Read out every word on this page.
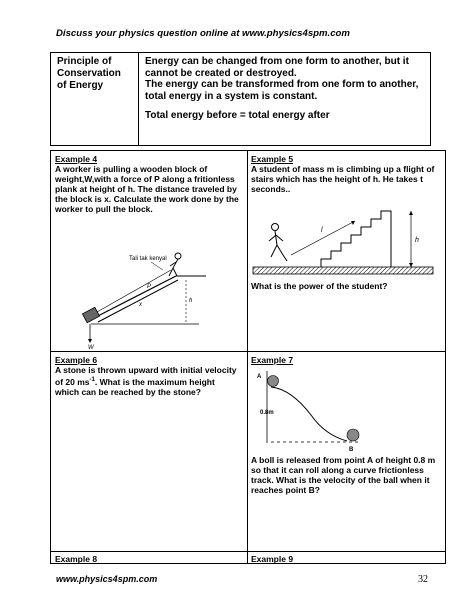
Discuss your physics question online at www.physics4spm.com
Principle of Conservation of Energy

Energy can be changed from one form to another, but it cannot be created or destroyed.

The energy can be transformed from one form to another, total energy in a system is constant.

Total energy before = total energy after

Example 4
A worker is pulling a wooden block of weight,W,with a force of P along a fritionless plank at height of h. The distance traveled by the block is x. Calculate the work done by the worker to pull the block.
Tali tak kenyal
P
x
h
W
Example 5
A student of mass m is climbing up a flight of stairs which has the height of h. He takes t seconds..
l
h
What is the power of the student?
Example 6
A stone is thrown upward with initial velocity of 20 $ms^{-1}$. What is the maximum height which can be reached by the stone?
Example 7
A
B
0.8m
A boll is released from point A of height 0.8 m so that it can roll along a curve frictionless track. What is the velocity of the ball when it reaches point B?
Example 8	Example 9
www.physics4spm.com	32
